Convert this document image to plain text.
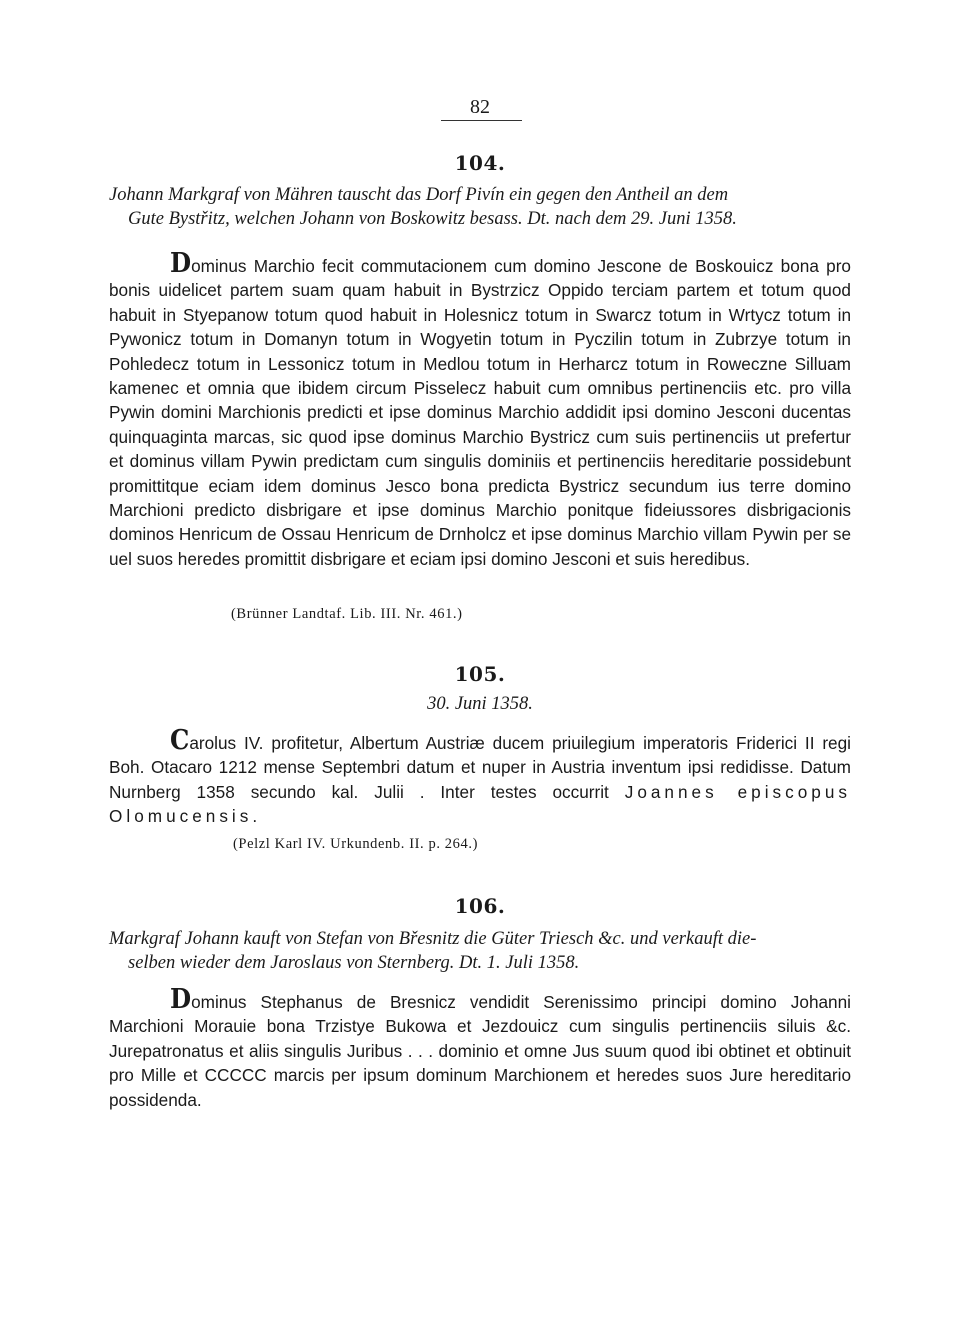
82
104.
Johann Markgraf von Mähren tauscht das Dorf Pivín ein gegen den Antheil an dem
Gute Bystřitz, welchen Johann von Boskowitz besass. Dt. nach dem 29. Juni 1358.

Dominus Marchio fecit commutacionem cum domino Jescone de Boskouicz bona pro bonis uidelicet partem suam quam habuit in Bystrzicz Oppido terciam partem et totum quod habuit in Styepanow totum quod habuit in Holesnicz totum in Swarcz totum in Wrtycz totum in Pywonicz totum in Domanyn totum in Wogyetin totum in Pyczilin totum in Zubrzye totum in Pohledecz totum in Lessonicz totum in Medlou totum in Herharcz totum in Roweczne Silluam kamenec et omnia que ibidem circum Pisselecz habuit cum omnibus pertinenciis etc. pro villa Pywin domini Marchionis predicti et ipse dominus Marchio addidit ipsi domino Jesconi ducentas quinquaginta marcas, sic quod ipse dominus Marchio Bystricz cum suis pertinenciis ut prefertur et dominus villam Pywin predictam cum singulis dominiis et pertinenciis hereditarie possidebunt promittitque eciam idem dominus Jesco bona predicta Bystricz secundum ius terre domino Marchioni predicto disbrigare et ipse dominus Marchio ponitque fideiussores disbrigacionis dominos Henricum de Ossau Henricum de Drnholcz et ipse dominus Marchio villam Pywin per se uel suos heredes promittit disbrigare et eciam ipsi domino Jesconi et suis heredibus.

(Brünner Landtaf. Lib. III. Nr. 461.)
105.
30. Juni 1358.

Carolus IV. profitetur, Albertum Austriæ ducem priuilegium imperatoris Friderici II regi Boh. Otacaro 1212 mense Septembri datum et nuper in Austria inventum ipsi redidisse. Datum Nurnberg 1358 secundo kal. Julii . Inter testes occurrit Joannes episcopus Olomucensis.

(Pelzl Karl IV. Urkundenb. II. p. 264.)
106.
Markgraf Johann kauft von Stefan von Břesnitz die Güter Triesch &c. und verkauft die-
selben wieder dem Jaroslaus von Sternberg. Dt. 1. Juli 1358.

Dominus Stephanus de Bresnicz vendidit Serenissimo principi domino Johanni Marchioni Morauie bona Trzistye Bukowa et Jezdouicz cum singulis pertinenciis siluis &c. Jurepatronatus et aliis singulis Juribus . . . dominio et omne Jus suum quod ibi obtinet et obtinuit pro Mille et CCCCC marcis per ipsum dominum Marchionem et heredes suos Jure hereditario possidenda.
